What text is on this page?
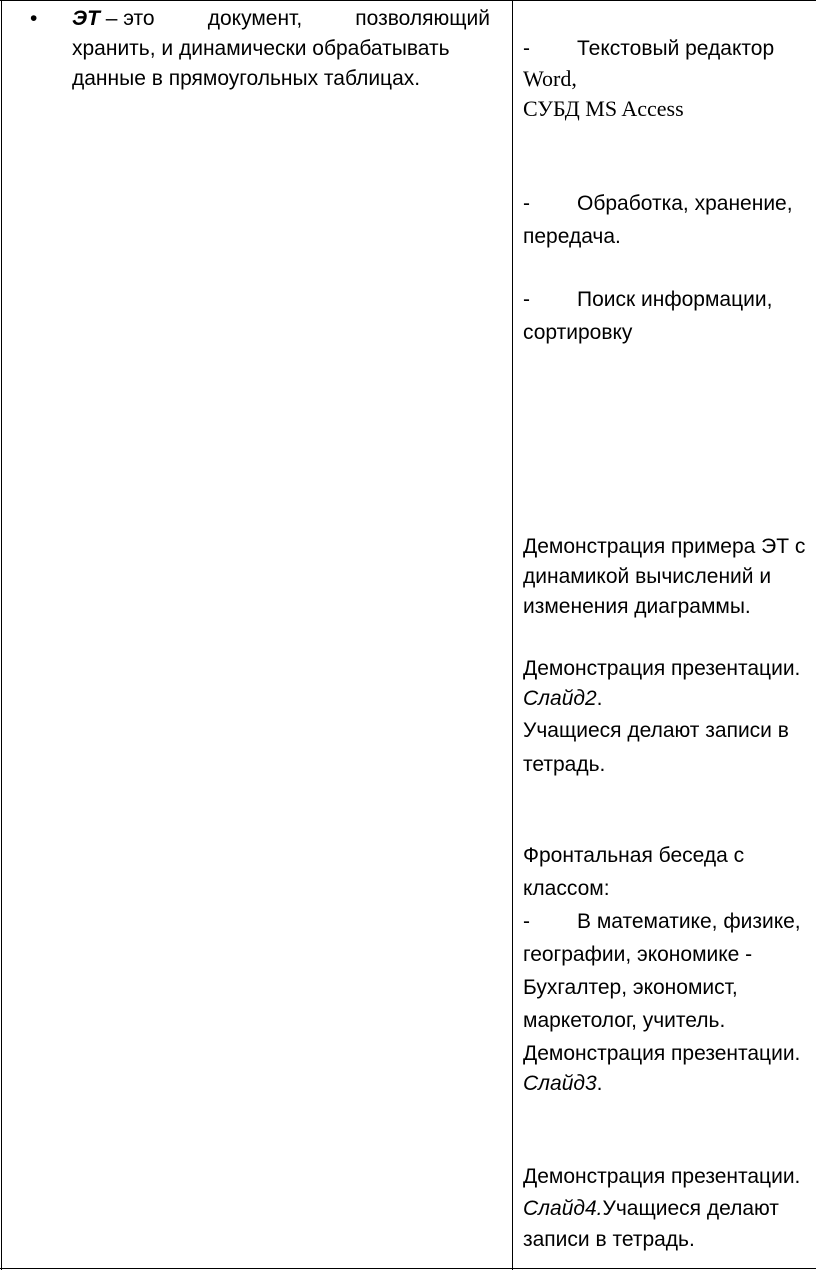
• ЭТ – это	документ,	позволяющий
хранить, и динамически обрабатывать
данные в прямоугольных таблицах.
- Текстовый редактор
Word,
СУБД MS Access
- Обработка, хранение,
передача.
- Поиск информации,
сортировку
Демонстрация примера ЭТ с
динамикой вычислений и
изменения диаграммы.
Демонстрация презентации.
Слайд2.
Учащиеся делают записи в
тетрадь.
Фронтальная беседа с
классом:
- В математике, физике,
географии, экономике -
Бухгалтер, экономист,
маркетолог, учитель.
Демонстрация презентации.
Слайд3.
Демонстрация презентации.
Слайд4.Учащиеся делают
записи в тетрадь.
